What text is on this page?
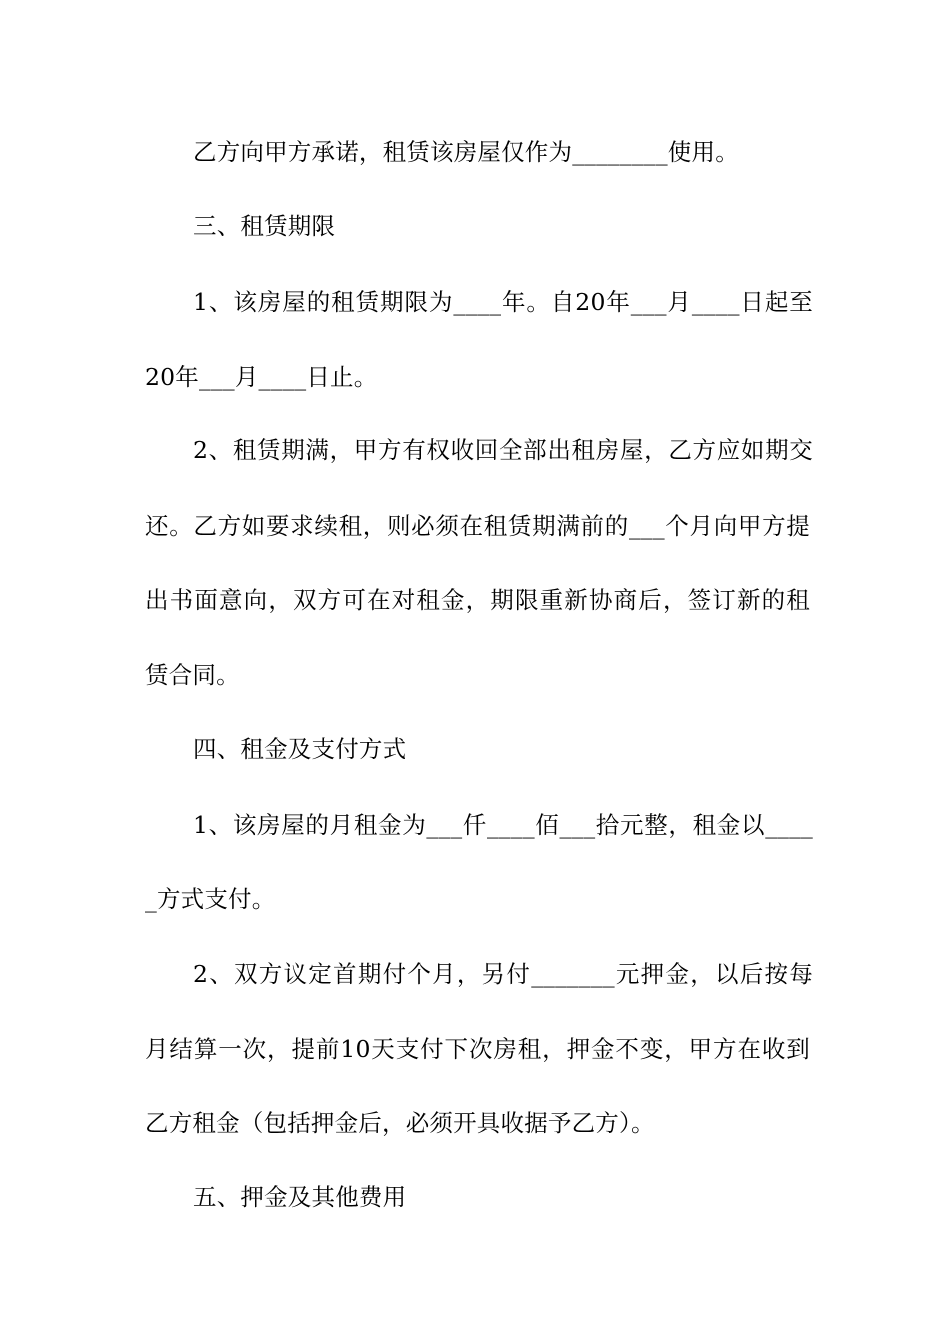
乙方向甲方承诺，租赁该房屋仅作为________使用。
三、租赁期限
1、该房屋的租赁期限为____年。自20年___月____日起至
20年___月____日止。
2、租赁期满，甲方有权收回全部出租房屋，乙方应如期交
还。乙方如要求续租，则必须在租赁期满前的___个月向甲方提
出书面意向，双方可在对租金，期限重新协商后，签订新的租
赁合同。
四、租金及支付方式
1、该房屋的月租金为___仟____佰___拾元整，租金以____
_方式支付。
2、双方议定首期付个月，另付_______元押金，以后按每
月结算一次，提前10天支付下次房租，押金不变，甲方在收到
乙方租金（包括押金后，必须开具收据予乙方）。
五、押金及其他费用
